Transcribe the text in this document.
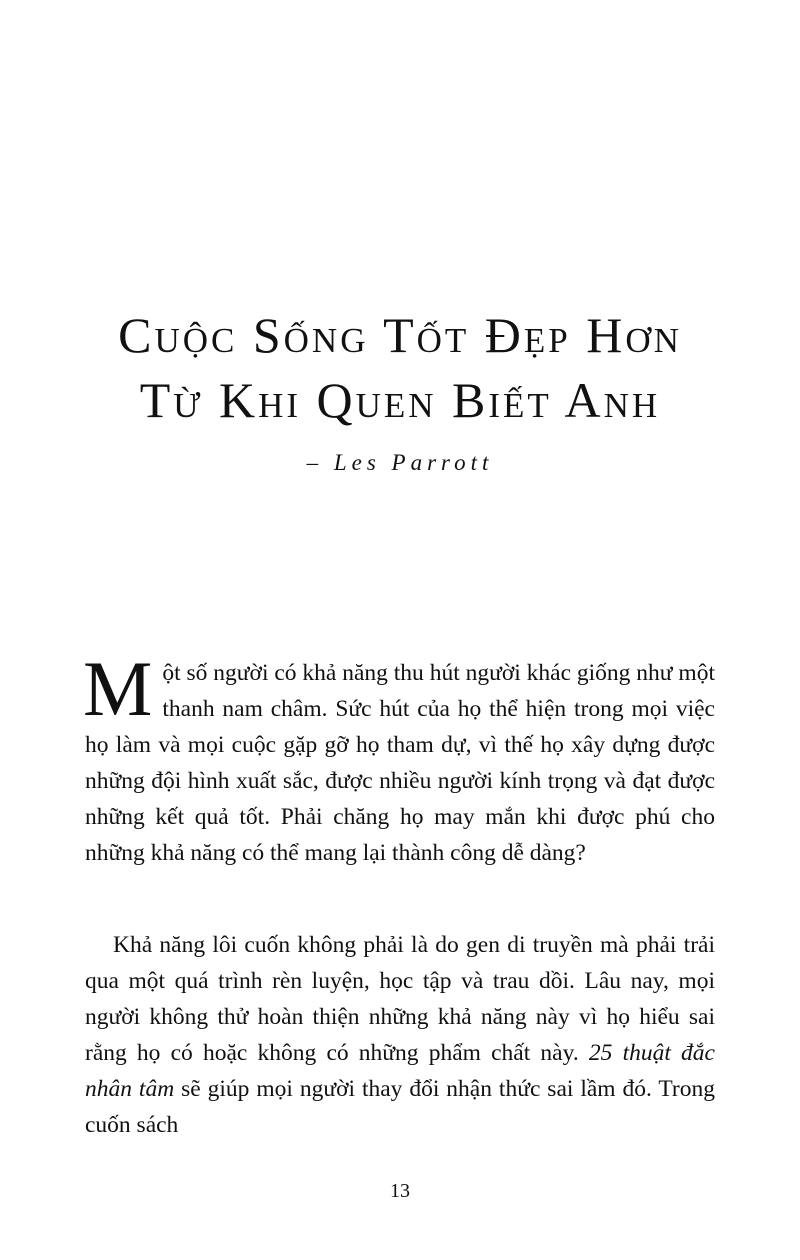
Cuộc Sống Tốt Đẹp Hơn
Từ Khi Quen Biết Anh
– Les Parrott

Một số người có khả năng thu hút người khác giống như một thanh nam châm. Sức hút của họ thể hiện trong mọi việc họ làm và mọi cuộc gặp gỡ họ tham dự, vì thế họ xây dựng được những đội hình xuất sắc, được nhiều người kính trọng và đạt được những kết quả tốt. Phải chăng họ may mắn khi được phú cho những khả năng có thể mang lại thành công dễ dàng?

Khả năng lôi cuốn không phải là do gen di truyền mà phải trải qua một quá trình rèn luyện, học tập và trau dồi. Lâu nay, mọi người không thử hoàn thiện những khả năng này vì họ hiểu sai rằng họ có hoặc không có những phẩm chất này. 25 thuật đắc nhân tâm sẽ giúp mọi người thay đổi nhận thức sai lầm đó. Trong cuốn sách

13
